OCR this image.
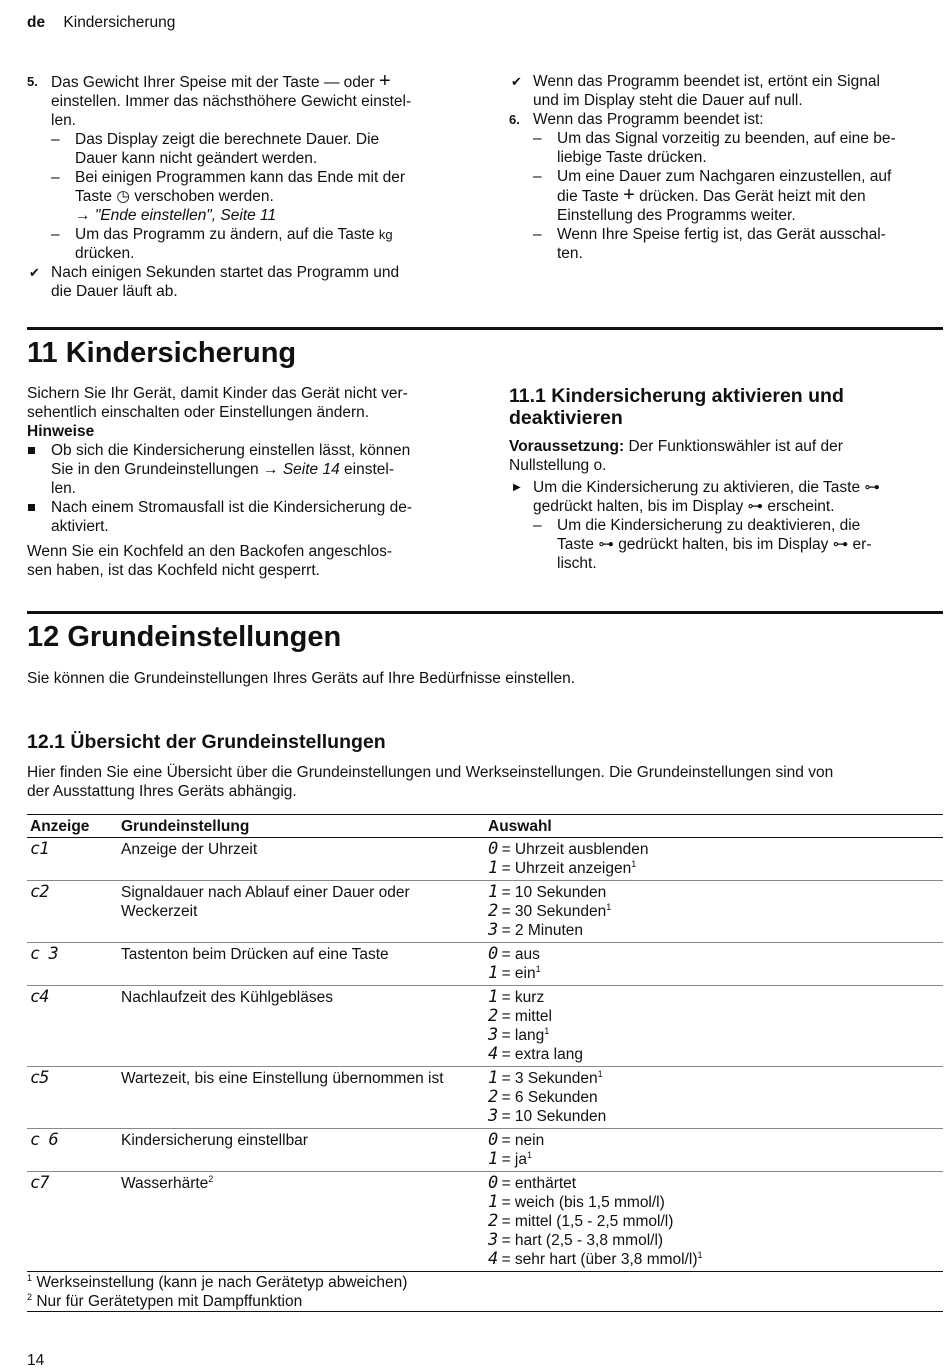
de Kindersicherung
5. Das Gewicht Ihrer Speise mit der Taste — oder +
einstellen. Immer das nächsthöhere Gewicht einstel-
len.
– Das Display zeigt die berechnete Dauer. Die
Dauer kann nicht geändert werden.
– Bei einigen Programmen kann das Ende mit der
Taste ◷ verschoben werden.
→ "Ende einstellen", Seite 11
– Um das Programm zu ändern, auf die Taste kg
drücken.
✔ Nach einigen Sekunden startet das Programm und
die Dauer läuft ab.
✔ Wenn das Programm beendet ist, ertönt ein Signal
und im Display steht die Dauer auf null.
6. Wenn das Programm beendet ist:
– Um das Signal vorzeitig zu beenden, auf eine be-
liebige Taste drücken.
– Um eine Dauer zum Nachgaren einzustellen, auf
die Taste + drücken. Das Gerät heizt mit den
Einstellung des Programms weiter.
– Wenn Ihre Speise fertig ist, das Gerät ausschal-
ten.
11 Kindersicherung
Sichern Sie Ihr Gerät, damit Kinder das Gerät nicht ver-
sehentlich einschalten oder Einstellungen ändern.
Hinweise
Ob sich die Kindersicherung einstellen lässt, können
Sie in den Grundeinstellungen → Seite 14 einstel-
len.
Nach einem Stromausfall ist die Kindersicherung de-
aktiviert.
Wenn Sie ein Kochfeld an den Backofen angeschlos-
sen haben, ist das Kochfeld nicht gesperrt.
11.1 Kindersicherung aktivieren und
deaktivieren
Voraussetzung: Der Funktionswähler ist auf der
Nullstellung o.
▶ Um die Kindersicherung zu aktivieren, die Taste ⊶
gedrückt halten, bis im Display ⊶ erscheint.
– Um die Kindersicherung zu deaktivieren, die
Taste ⊶ gedrückt halten, bis im Display ⊶ er-
lischt.
12 Grundeinstellungen
Sie können die Grundeinstellungen Ihres Geräts auf Ihre Bedürfnisse einstellen.
12.1 Übersicht der Grundeinstellungen
Hier finden Sie eine Übersicht über die Grundeinstellungen und Werkseinstellungen. Die Grundeinstellungen sind von
der Ausstattung Ihres Geräts abhängig.
Anzeige	Grundeinstellung	Auswahl
c1	Anzeige der Uhrzeit	0 = Uhrzeit ausblenden
1 = Uhrzeit anzeigen$^1$

c2	Signaldauer nach Ablauf einer Dauer oder Weckerzeit	1 = 10 Sekunden
2 = 30 Sekunden$^1$
3 = 2 Minuten

c 3	Tastenton beim Drücken auf eine Taste	0 = aus
1 = ein$^1$

c4	Nachlaufzeit des Kühlgebläses	1 = kurz
2 = mittel
3 = lang$^1$
4 = extra lang

c5	Wartezeit, bis eine Einstellung übernommen ist	1 = 3 Sekunden$^1$
2 = 6 Sekunden
3 = 10 Sekunden

c 6	Kindersicherung einstellbar	0 = nein
$1 = ja^1$

c7	Wasserhärte$^2$	0 = enthärtet
1 = weich (bis 1,5 mmol/l)
2 = mittel (1,5 - 2,5 mmol/l)
3 = hart (2,5 - 3,8 mmol/l)
4 = sehr hart (über 3,8 mmol/l)$^1$
$^1$ Werkseinstellung (kann je nach Gerätetyp abweichen)
$^2$ Nur für Gerätetypen mit Dampffunktion
14
